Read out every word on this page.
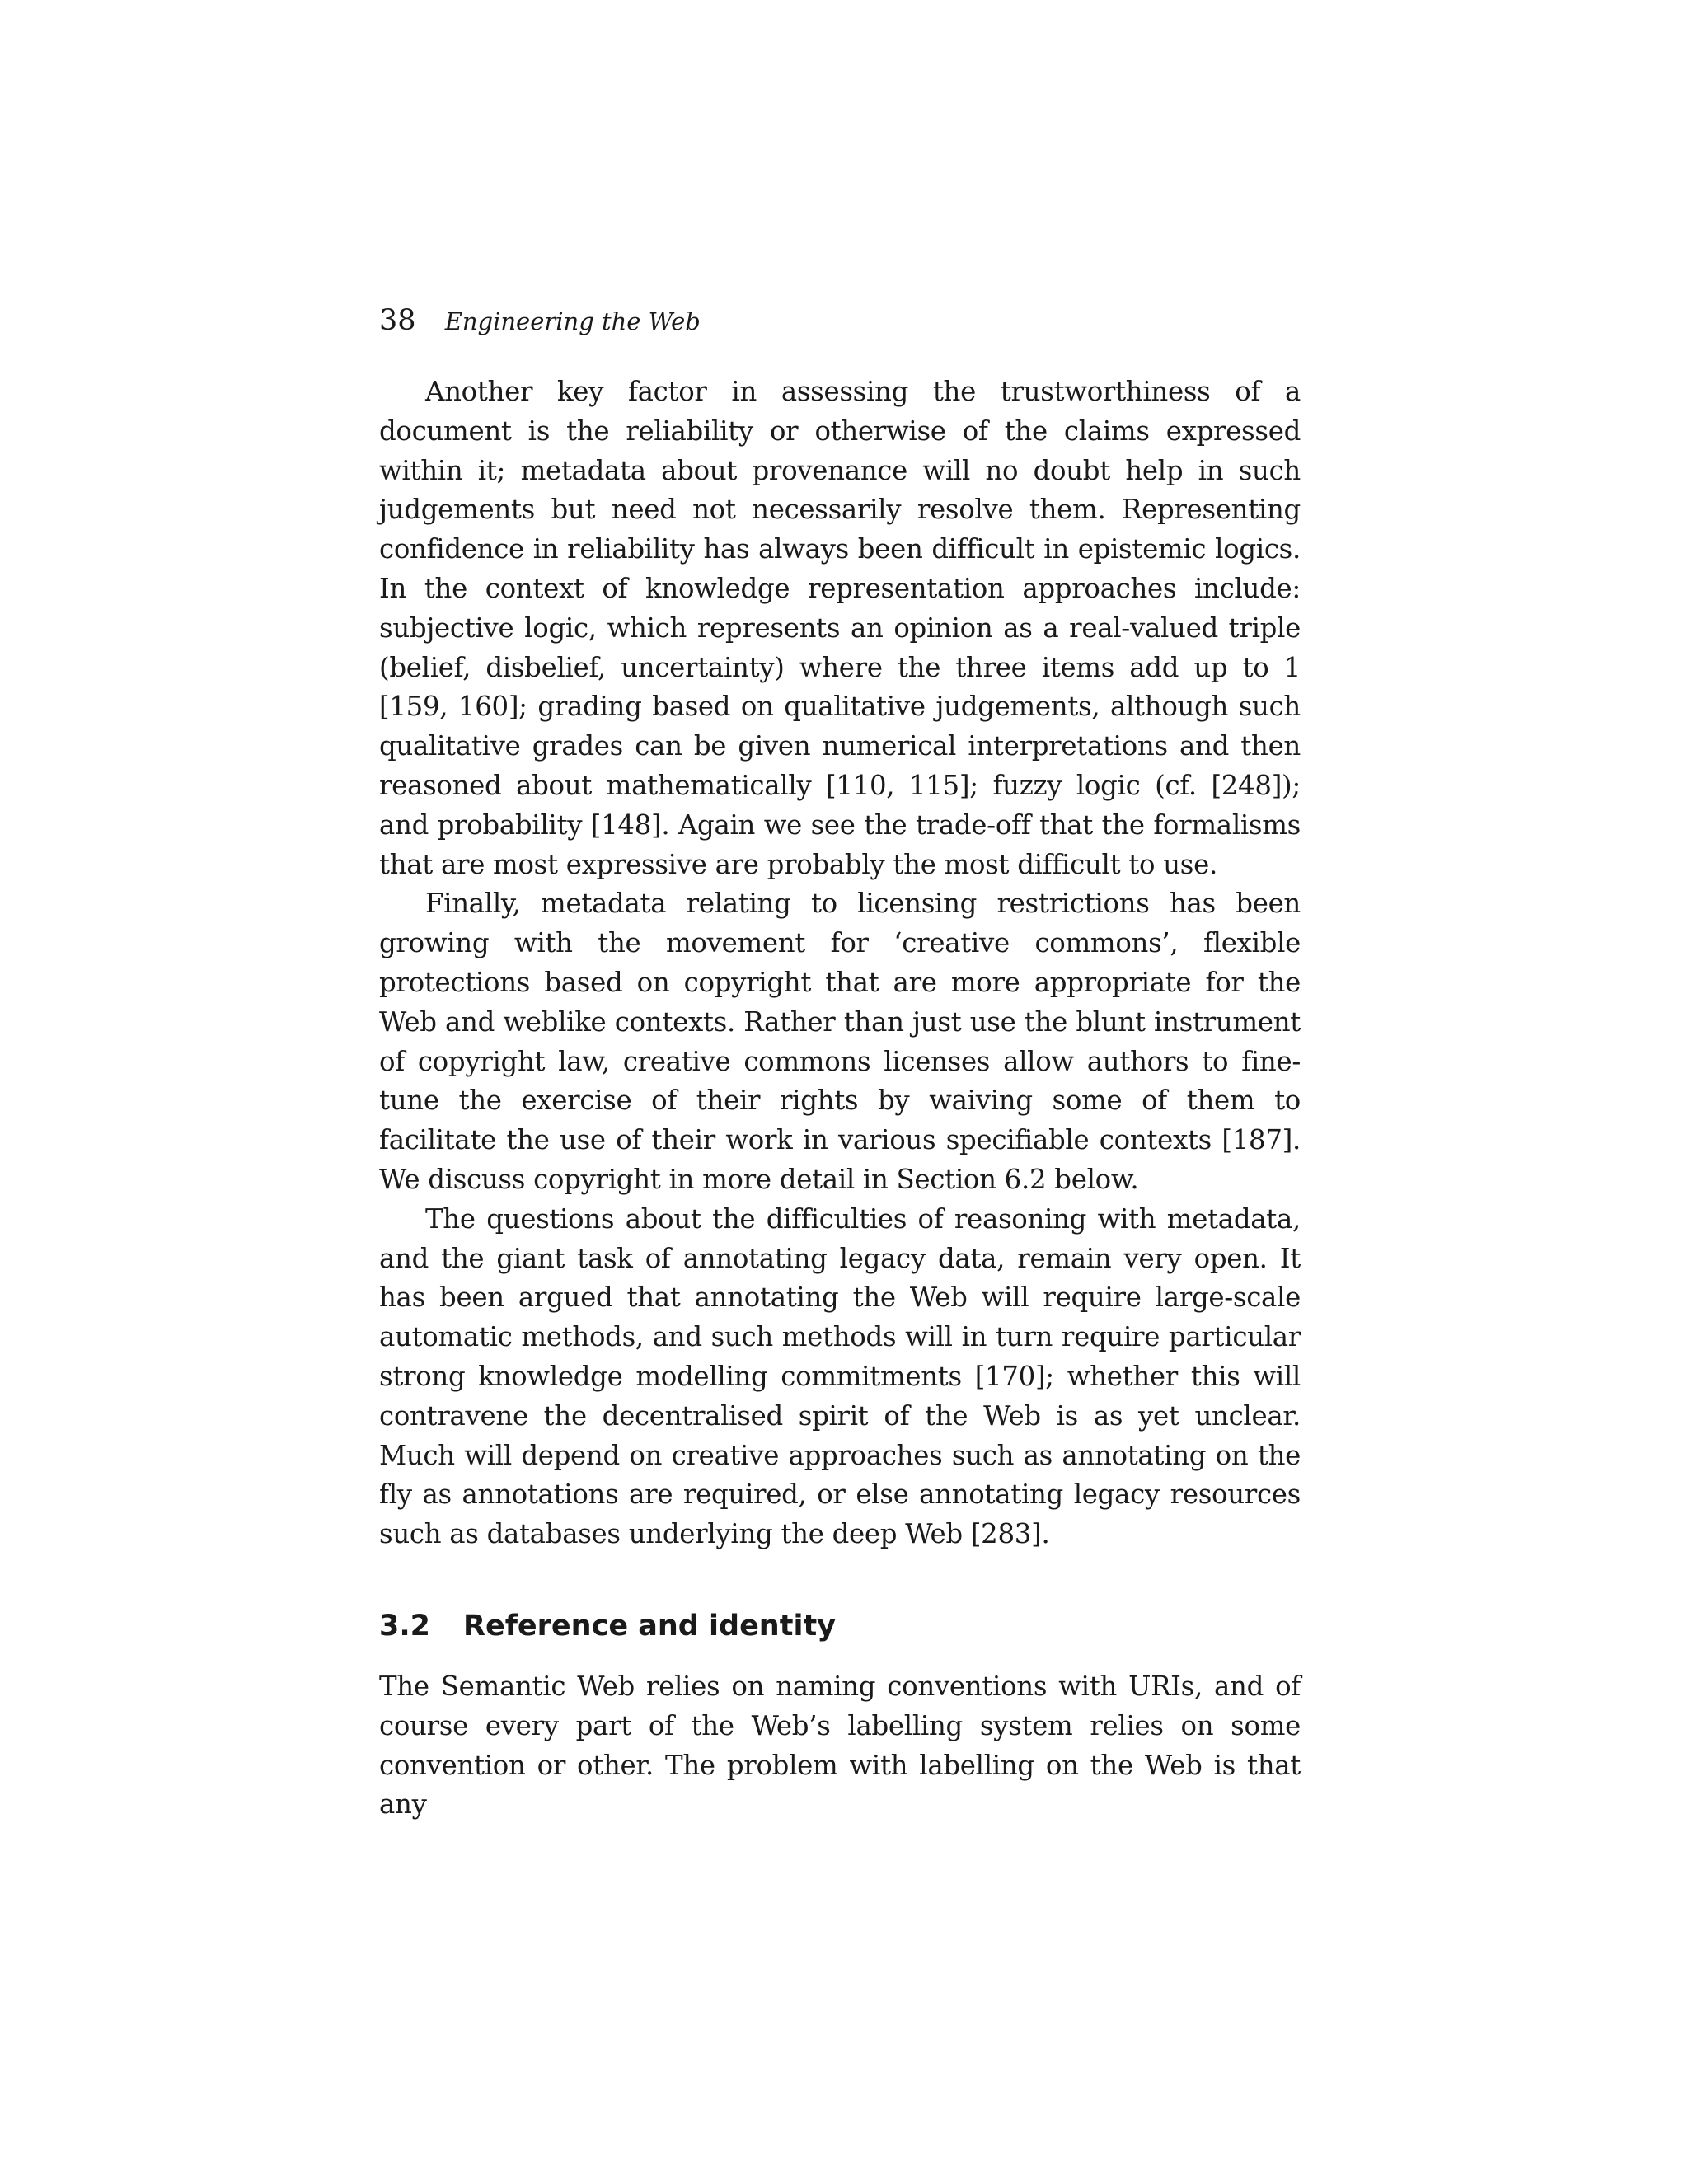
38 Engineering the Web

Another key factor in assessing the trustworthiness of a document is the reliability or otherwise of the claims expressed within it; metadata about provenance will no doubt help in such judgements but need not necessarily resolve them. Representing confidence in reliability has always been difficult in epistemic logics. In the context of knowledge representation approaches include: subjective logic, which represents an opinion as a real-valued triple (belief, disbelief, uncertainty) where the three items add up to 1 [159, 160]; grading based on qualitative judgements, although such qualitative grades can be given numerical interpretations and then reasoned about mathematically [110, 115]; fuzzy logic (cf. [248]); and probability [148]. Again we see the trade-off that the formalisms that are most expressive are probably the most difficult to use.

Finally, metadata relating to licensing restrictions has been growing with the movement for ‘creative commons’, flexible protections based on copyright that are more appropriate for the Web and weblike contexts. Rather than just use the blunt instrument of copyright law, creative commons licenses allow authors to fine-tune the exercise of their rights by waiving some of them to facilitate the use of their work in various specifiable contexts [187]. We discuss copyright in more detail in Section 6.2 below.

The questions about the difficulties of reasoning with metadata, and the giant task of annotating legacy data, remain very open. It has been argued that annotating the Web will require large-scale automatic methods, and such methods will in turn require particular strong knowledge modelling commitments [170]; whether this will contravene the decentralised spirit of the Web is as yet unclear. Much will depend on creative approaches such as annotating on the fly as annotations are required, or else annotating legacy resources such as databases underlying the deep Web [283].

3.2 Reference and identity

The Semantic Web relies on naming conventions with URIs, and of course every part of the Web’s labelling system relies on some convention or other. The problem with labelling on the Web is that any
